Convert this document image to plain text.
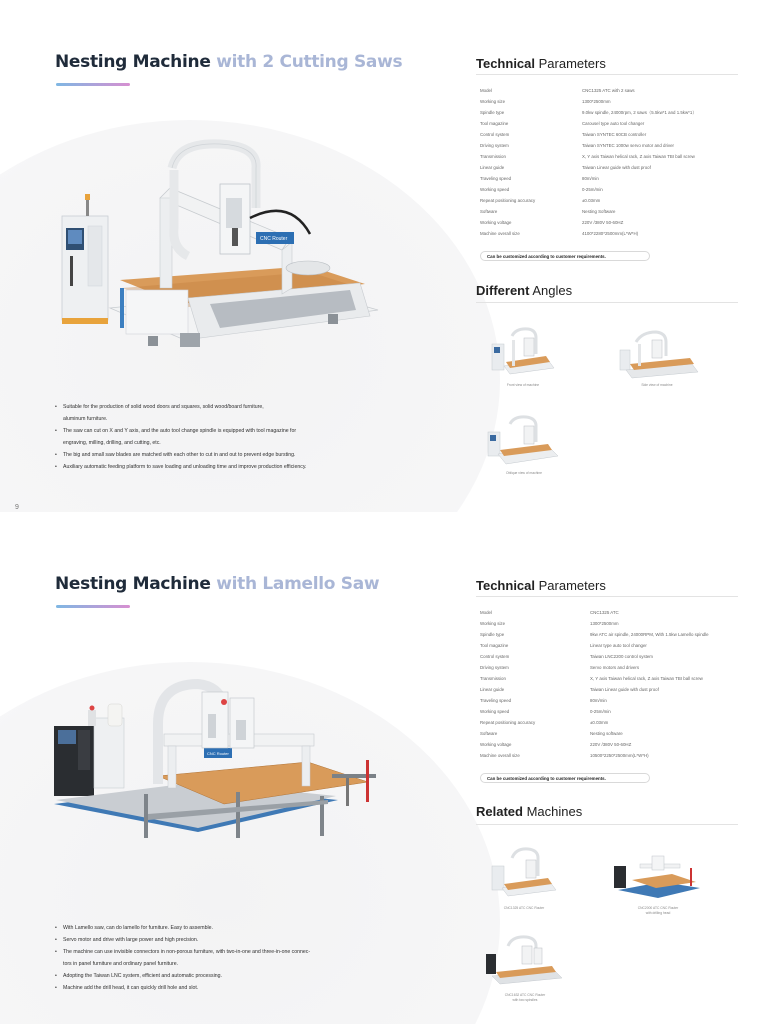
Nesting Machine with 2 Cutting Saws
CNC Router
• Suitable for the production of solid wood doors and squares, solid wood/board furniture,
aluminum furniture.
• The saw can cut on X and Y axis, and the auto tool change spindle is equipped with tool magazine for
engraving, milling, drilling, and cutting, etc.
• The big and small saw blades are matched with each other to cut in and out to prevent edge bursting.
• Auxiliary automatic feeding platform to save loading and unloading time and improve production efficiency.
9
Technical Parameters
Model	CNC1325 ATC with 2 saws
Working size	1300*2500mm
Spindle type	9.0kw spindle, 24000rpm, 2 saws（5.5kw*1 and 1.5kw*1）
Tool magazine	Carousel type auto tool changer
Control system	Taiwan SYNTEC 60CB controller
Driving system	Taiwan SYNTEC 1000w servo motor and driver
Transmission	X, Y axis Taiwan helical rack, Z axis Taiwan TBI ball screw
Linear guide	Taiwan Linear guide with dust proof
Traveling speed	80m/min
Working speed	0-25m/min
Repeat positioning accuracy	±0.03mm
Software	Nesting Software
Working voltage	220V /380V 50-60HZ
Machine overall size	4100*2280*2500mm(L*W*H)
Can be customized according to customer requirements.
Different Angles
Front view of machine	Side view of machine
Oblique view of machine
Nesting Machine with Lamello Saw
CNC Router
• With Lamello saw, can do lamello for furniture. Easy to assemble.
• Servo motor and drive with large power and high precision.
• The machine can use invisible connectors in non-porous furniture, with two-in-one and three-in-one connec-
tors in panel furniture and ordinary panel furniture.
• Adopting the Taiwan LNC system, efficient and automatic processing.
• Machine add the drill head, it can quickly drill hole and slot.
Technical Parameters
Model	CNC1325 ATC
Working size	1300*2500mm
Spindle type	9kw ATC air spindle, 24000RPM, With 1.5kw Lamello spindle
Tool magazine	Linear type auto tool changer
Control system	Taiwan LNC2200 control system
Driving system	Servo motors and drivers
Transmission	X, Y axis Taiwan helical rack, Z axis Taiwan TBI ball screw
Linear guide	Taiwan Linear guide with dust proof
Traveling speed	80m/min
Working speed	0-25m/min
Repeat positioning accuracy	±0.03mm
Software	Nesting software
Working voltage	220V /380V 50-60HZ
Machine overall size	10500*2250*2500mm(L*W*H)
Can be customized according to customer requirements.
Related Machines
CNC1325 ATC CNC Router	CNC2000 ATC CNC Router
with drilling head
CNC1632 ATC CNC Router
with two spindles
